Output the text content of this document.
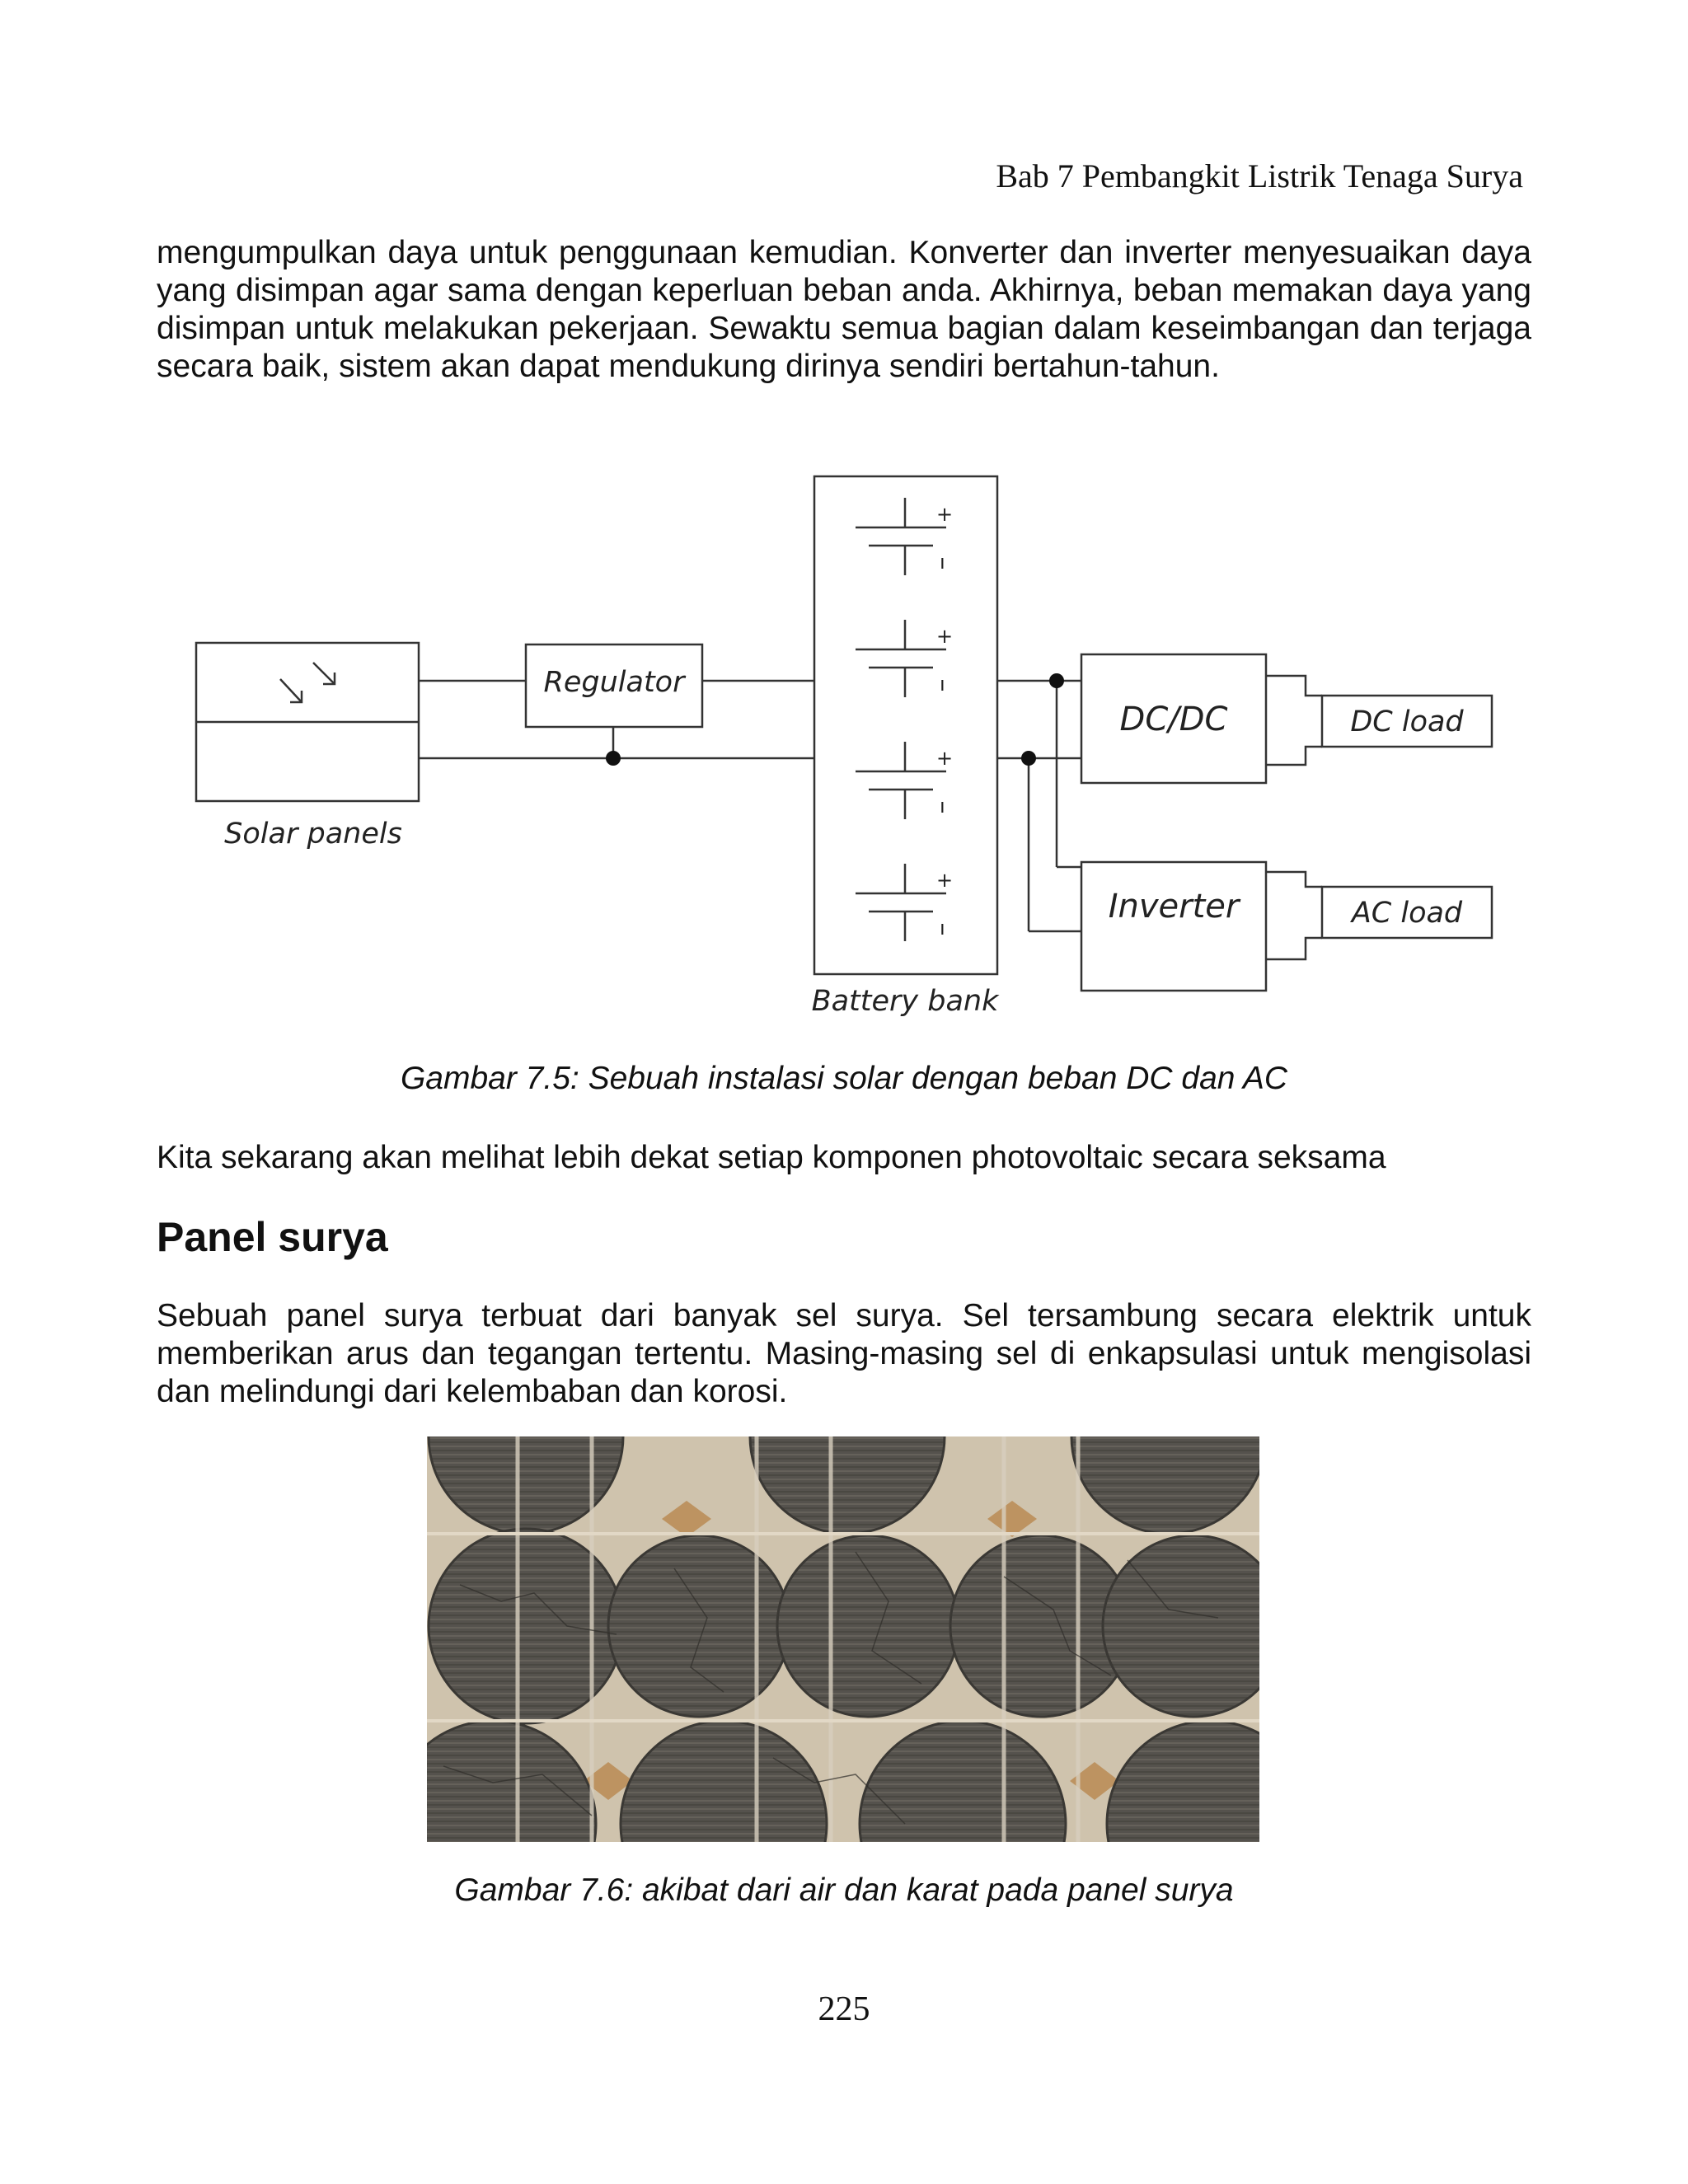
Bab 7 Pembangkit Listrik Tenaga Surya

mengumpulkan daya untuk penggunaan kemudian. Konverter dan inverter menyesuaikan daya yang disimpan agar sama dengan keperluan beban anda. Akhirnya, beban memakan daya yang disimpan untuk melakukan pekerjaan. Sewaktu semua bagian dalam keseimbangan dan terjaga secara baik, sistem akan dapat mendukung dirinya sendiri bertahun-tahun.

+
ı
+
ı
+
ı
+
ı
Regulator
Solar panels
Battery bank
DC/DC	DC load
Inverter	AC load

Gambar 7.5: Sebuah instalasi solar dengan beban DC dan AC

Kita sekarang akan melihat lebih dekat setiap komponen photovoltaic secara seksama

Panel surya

Sebuah panel surya terbuat dari banyak sel surya. Sel tersambung secara elektrik untuk memberikan arus dan tegangan tertentu. Masing-masing sel di enkapsulasi untuk mengisolasi dan melindungi dari kelembaban dan korosi.

Gambar 7.6: akibat dari air dan karat pada panel surya

225
